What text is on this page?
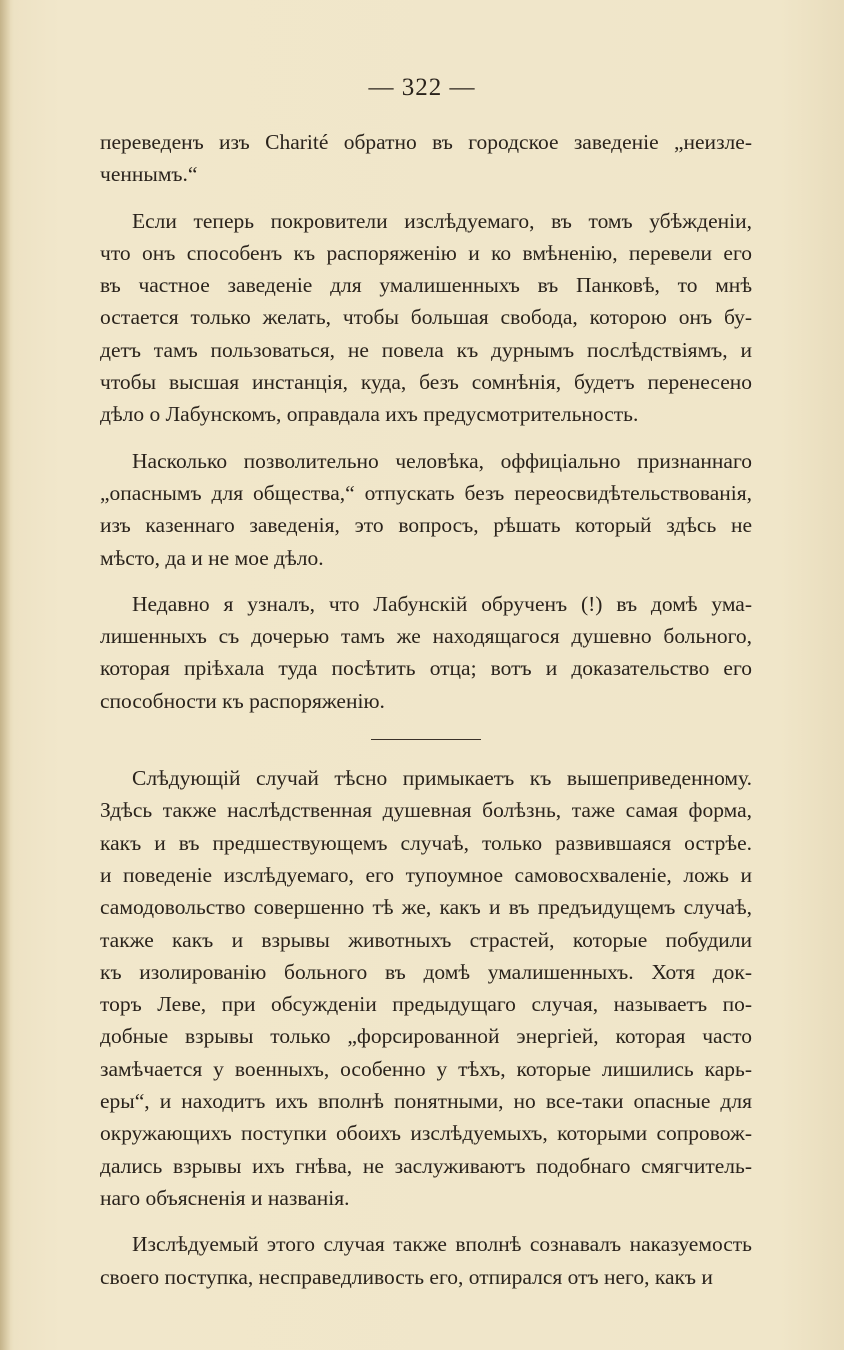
— 322 —
переведенъ изъ Charité обратно въ городское заведенiе „неизле-
ченнымъ.“
Если теперь покровители изслѣдуемаго, въ томъ убѣжденiи,
что онъ способенъ къ распоряженiю и ко вмѣненiю, перевели его
въ частное заведенiе для умалишенныхъ въ Панковѣ, то мнѣ
остается только желать, чтобы большая свобода, которою онъ бу-
детъ тамъ пользоваться, не повела къ дурнымъ послѣдствiямъ, и
чтобы высшая инстанцiя, куда, безъ сомнѣнiя, будетъ перенесено
дѣло о Лабунскомъ, оправдала ихъ предусмотрительность.
Насколько позволительно человѣка, оффицiально признаннаго
„опаснымъ для общества,“ отпускать безъ переосвидѣтельствованiя,
изъ казеннаго заведенiя, это вопросъ, рѣшать который здѣсь не
мѣсто, да и не мое дѣло.
Недавно я узналъ, что Лабунскiй обрученъ (!) въ домѣ ума-
лишенныхъ съ дочерью тамъ же находящагося душевно больного,
которая прiѣхала туда посѣтить отца; вотъ и доказательство его
способности къ распоряженiю.
Слѣдующiй случай тѣсно примыкаетъ къ вышеприведенному.
Здѣсь также наслѣдственная душевная болѣзнь, таже самая форма,
какъ и въ предшествующемъ случаѣ, только развившаяся острѣе.
и поведенiе изслѣдуемаго, его тупоумное самовосхваленiе, ложь и
самодовольство совершенно тѣ же, какъ и въ предъидущемъ случаѣ,
также какъ и взрывы животныхъ страстей, которые побудили
къ изолированiю больного въ домѣ умалишенныхъ. Хотя док-
торъ Леве, при обсужденiи предыдущаго случая, называетъ по-
добные взрывы только „форсированной энергiей, которая часто
замѣчается у военныхъ, особенно у тѣхъ, которые лишились карь-
еры“, и находитъ ихъ вполнѣ понятными, но все-таки опасные для
окружающихъ поступки обоихъ изслѣдуемыхъ, которыми сопровож-
дались взрывы ихъ гнѣва, не заслуживаютъ подобнаго смягчитель-
наго объясненiя и названiя.
Изслѣдуемый этого случая также вполнѣ сознавалъ наказуемость
своего поступка, несправедливость его, отпирался отъ него, какъ и
